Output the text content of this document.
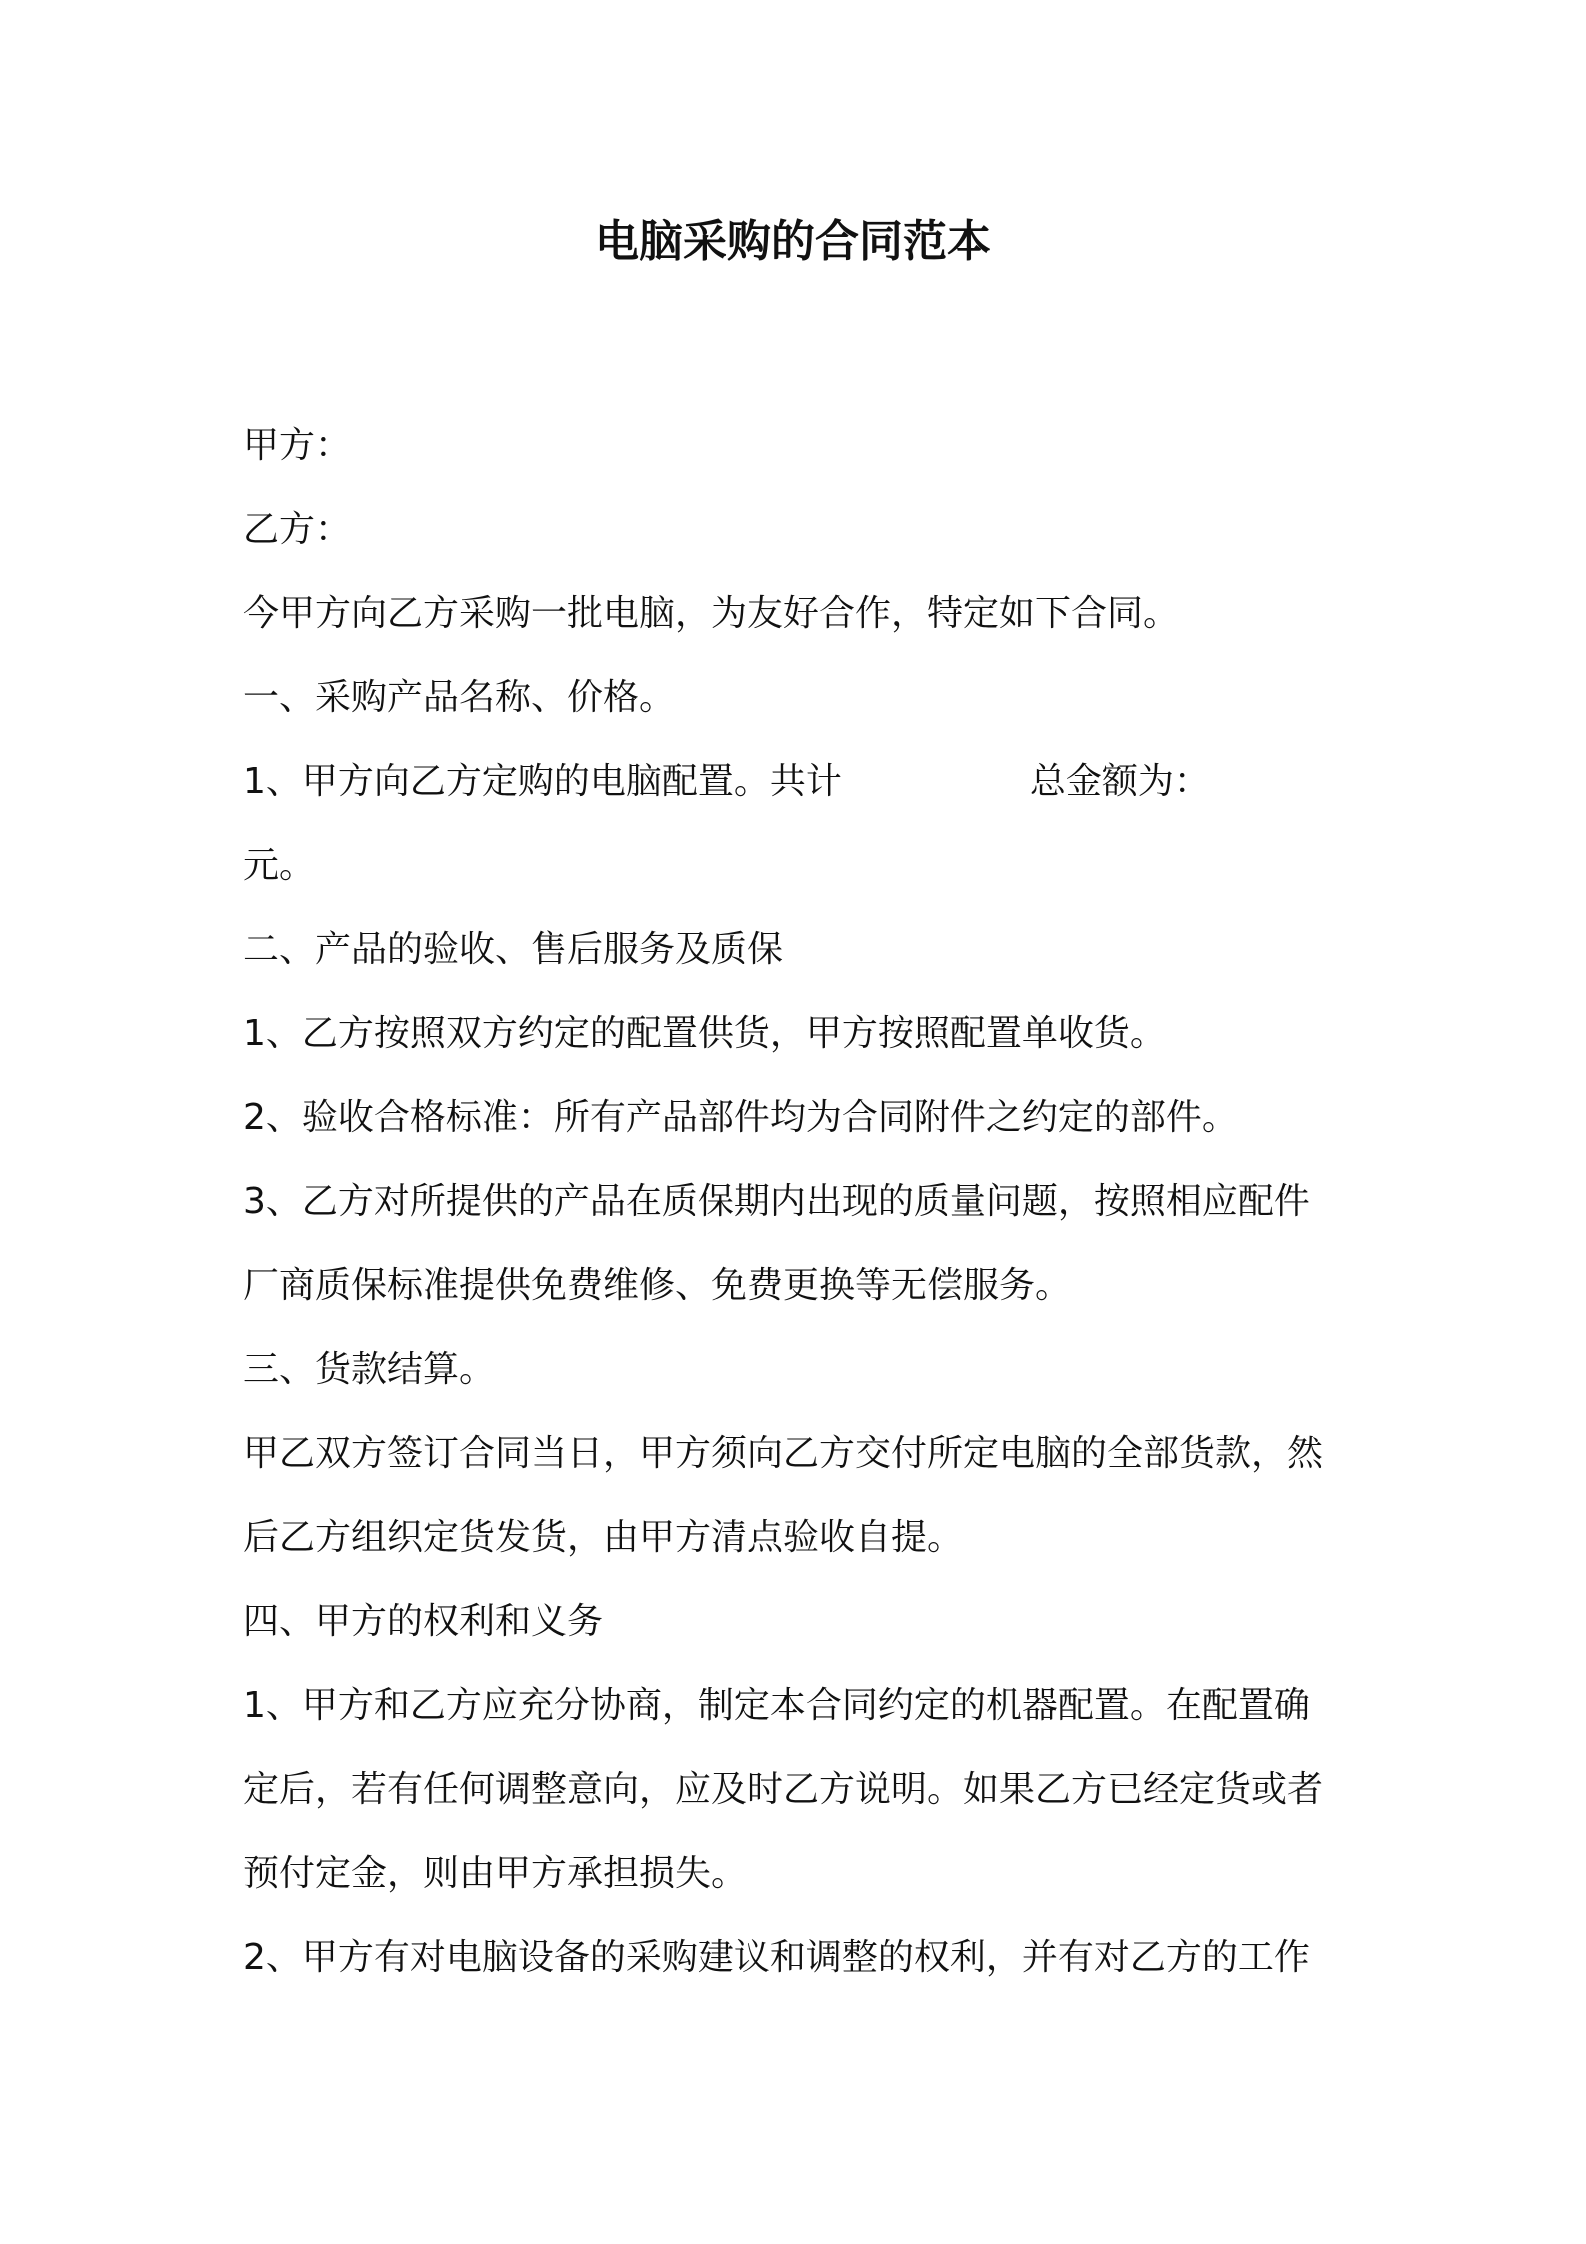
电脑采购的合同范本
甲方：
乙方：
今甲方向乙方采购一批电脑，为友好合作，特定如下合同。
一、采购产品名称、价格。
1、甲方向乙方定购的电脑配置。共计	总金额为：
元。
二、产品的验收、售后服务及质保
1、乙方按照双方约定的配置供货，甲方按照配置单收货。
2、验收合格标准：所有产品部件均为合同附件之约定的部件。
3、乙方对所提供的产品在质保期内出现的质量问题，按照相应配件
厂商质保标准提供免费维修、免费更换等无偿服务。
三、货款结算。
甲乙双方签订合同当日，甲方须向乙方交付所定电脑的全部货款，然
后乙方组织定货发货，由甲方清点验收自提。
四、甲方的权利和义务
1、甲方和乙方应充分协商，制定本合同约定的机器配置。在配置确
定后，若有任何调整意向，应及时乙方说明。如果乙方已经定货或者
预付定金，则由甲方承担损失。
2、甲方有对电脑设备的采购建议和调整的权利，并有对乙方的工作
